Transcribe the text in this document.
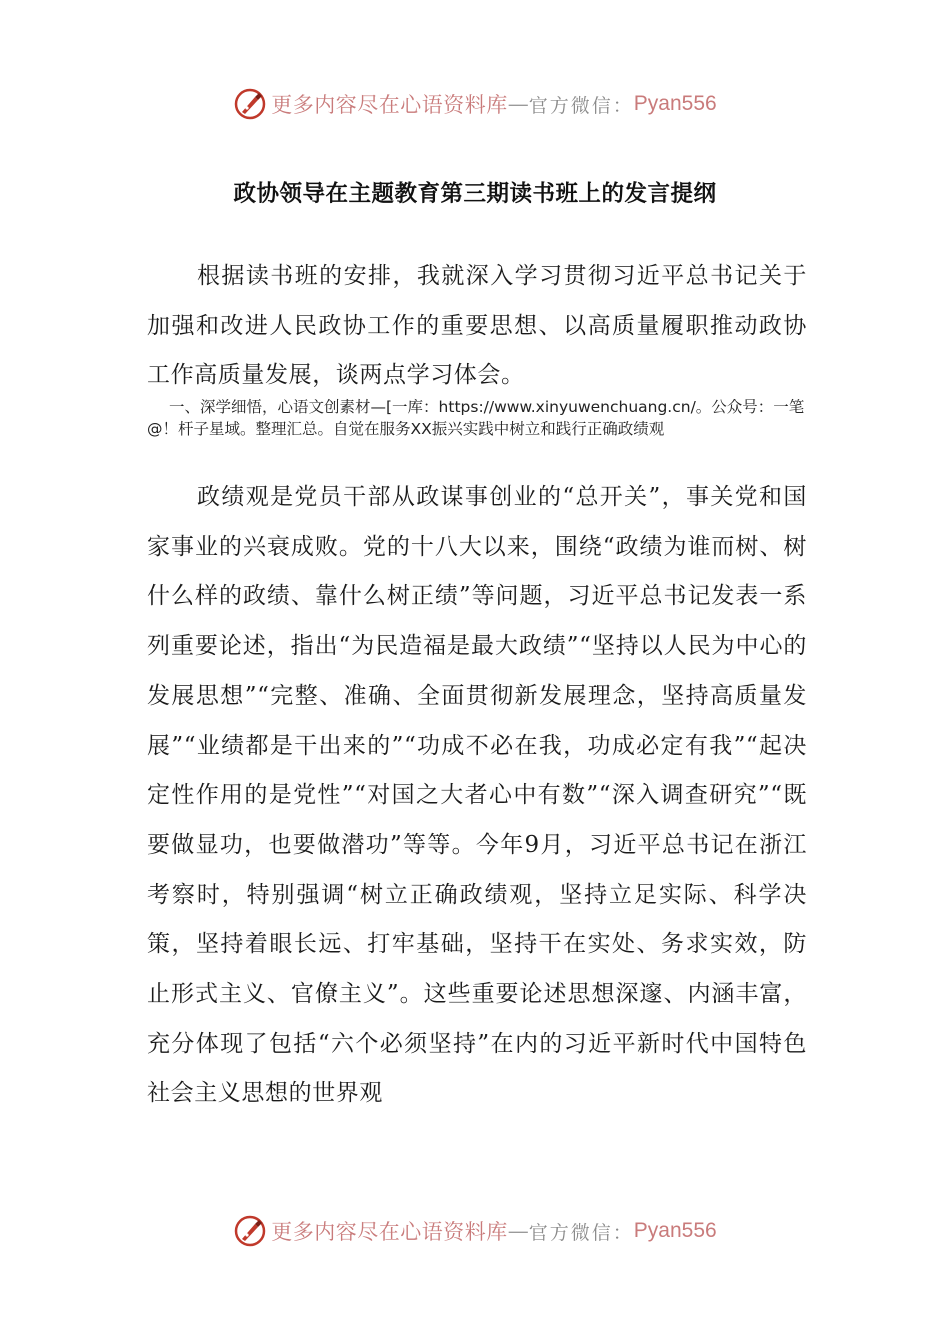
更多内容尽在心语资料库 — 官方微信： Pyan556
政协领导在主题教育第三期读书班上的发言提纲

根据读书班的安排，我就深入学习贯彻习近平总书记关于加强和改进人民政协工作的重要思想、以高质量履职推动政协工作高质量发展，谈两点学习体会。

一、深学细悟，心语文创素材—[一库：https://www.xinyuwenchuang.cn/。公众号：一笔@！杆子星域。整理汇总。自觉在服务XX振兴实践中树立和践行正确政绩观

政绩观是党员干部从政谋事创业的“总开关”，事关党和国家事业的兴衰成败。党的十八大以来，围绕“政绩为谁而树、树什么样的政绩、靠什么树正绩”等问题，习近平总书记发表一系列重要论述，指出“为民造福是最大政绩”“坚持以人民为中心的发展思想”“完整、准确、全面贯彻新发展理念，坚持高质量发展”“业绩都是干出来的”“功成不必在我，功成必定有我”“起决定性作用的是党性”“对国之大者心中有数”“深入调查研究”“既要做显功，也要做潜功”等等。今年9月，习近平总书记在浙江考察时，特别强调“树立正确政绩观，坚持立足实际、科学决策，坚持着眼长远、打牢基础，坚持干在实处、务求实效，防止形式主义、官僚主义”。这些重要论述思想深邃、内涵丰富，充分体现了包括“六个必须坚持”在内的习近平新时代中国特色社会主义思想的世界观

更多内容尽在心语资料库 — 官方微信： Pyan556
